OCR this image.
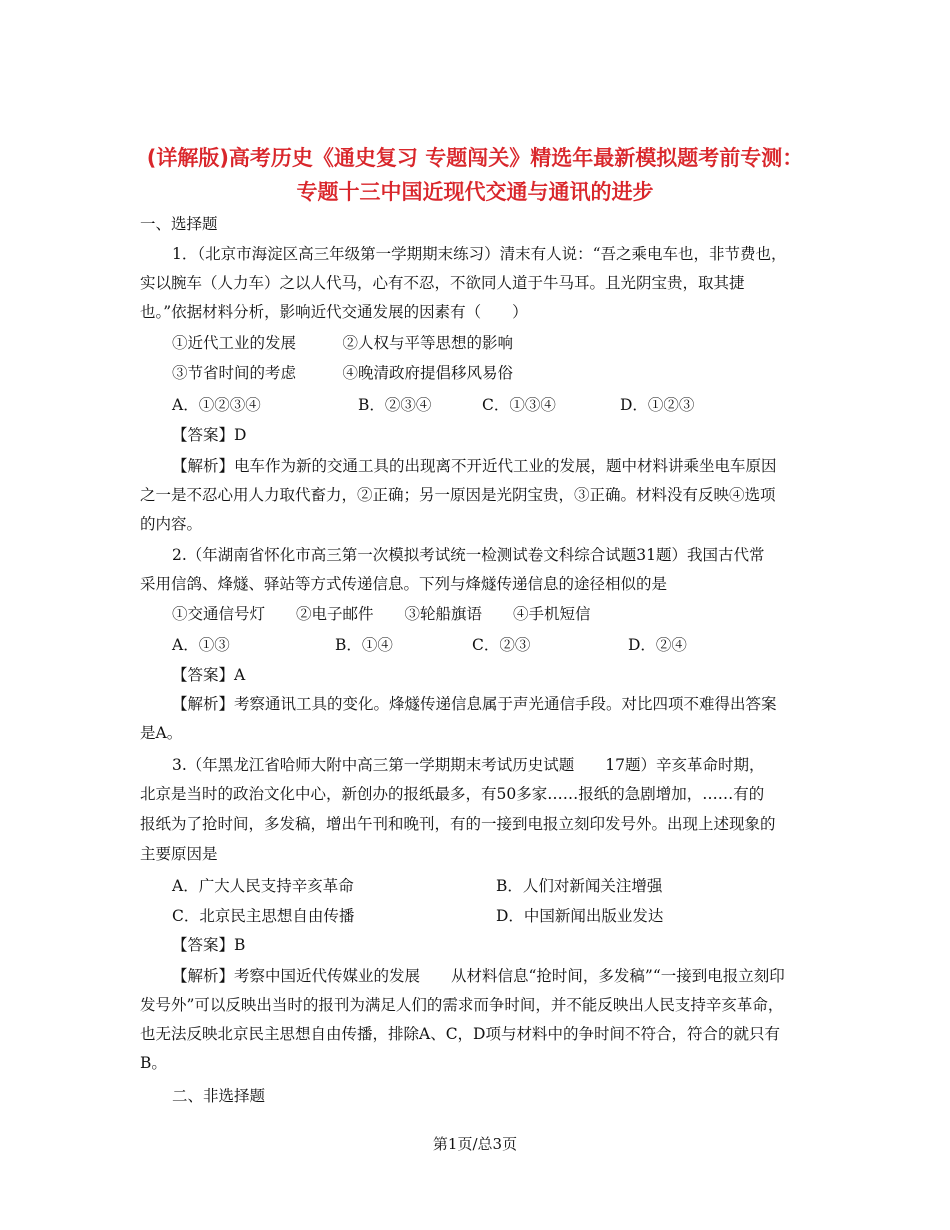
(详解版)高考历史《通史复习 专题闯关》精选年最新模拟题考前专测：
专题十三中国近现代交通与通讯的进步
一、选择题
1．（北京市海淀区高三年级第一学期期末练习）清末有人说：“吾之乘电车也，非节费也，
实以腕车（人力车）之以人代马，心有不忍，不欲同人道于牛马耳。且光阴宝贵，取其捷
也。”依据材料分析，影响近代交通发展的因素有（　　）
①近代工业的发展　　　②人权与平等思想的影响
③节省时间的考虑　　　④晚清政府提倡移风易俗
A．①②③④	B．②③④	C．①③④	D．①②③
【答案】D
【解析】电车作为新的交通工具的出现离不开近代工业的发展，题中材料讲乘坐电车原因
之一是不忍心用人力取代畜力，②正确；另一原因是光阴宝贵，③正确。材料没有反映④选项
的内容。
2.（年湖南省怀化市高三第一次模拟考试统一检测试卷文科综合试题31题）我国古代常
采用信鸽、烽燧、驿站等方式传递信息。下列与烽燧传递信息的途径相似的是
①交通信号灯　　②电子邮件　　③轮船旗语　　④手机短信
A．①③	B．①④	C．②③	D．②④
【答案】A
【解析】考察通讯工具的变化。烽燧传递信息属于声光通信手段。对比四项不难得出答案
是A。
3.（年黑龙江省哈师大附中高三第一学期期末考试历史试题　　17题）辛亥革命时期，
北京是当时的政治文化中心，新创办的报纸最多，有50多家……报纸的急剧增加，……有的
报纸为了抢时间，多发稿，增出午刊和晚刊，有的一接到电报立刻印发号外。出现上述现象的
主要原因是
A．广大人民支持辛亥革命	B．人们对新闻关注增强
C．北京民主思想自由传播	D．中国新闻出版业发达
【答案】B
【解析】考察中国近代传媒业的发展　　从材料信息“抢时间，多发稿”“一接到电报立刻印
发号外”可以反映出当时的报刊为满足人们的需求而争时间，并不能反映出人民支持辛亥革命，
也无法反映北京民主思想自由传播，排除A、C，D项与材料中的争时间不符合，符合的就只有
B。
二、非选择题
第1页/总3页
